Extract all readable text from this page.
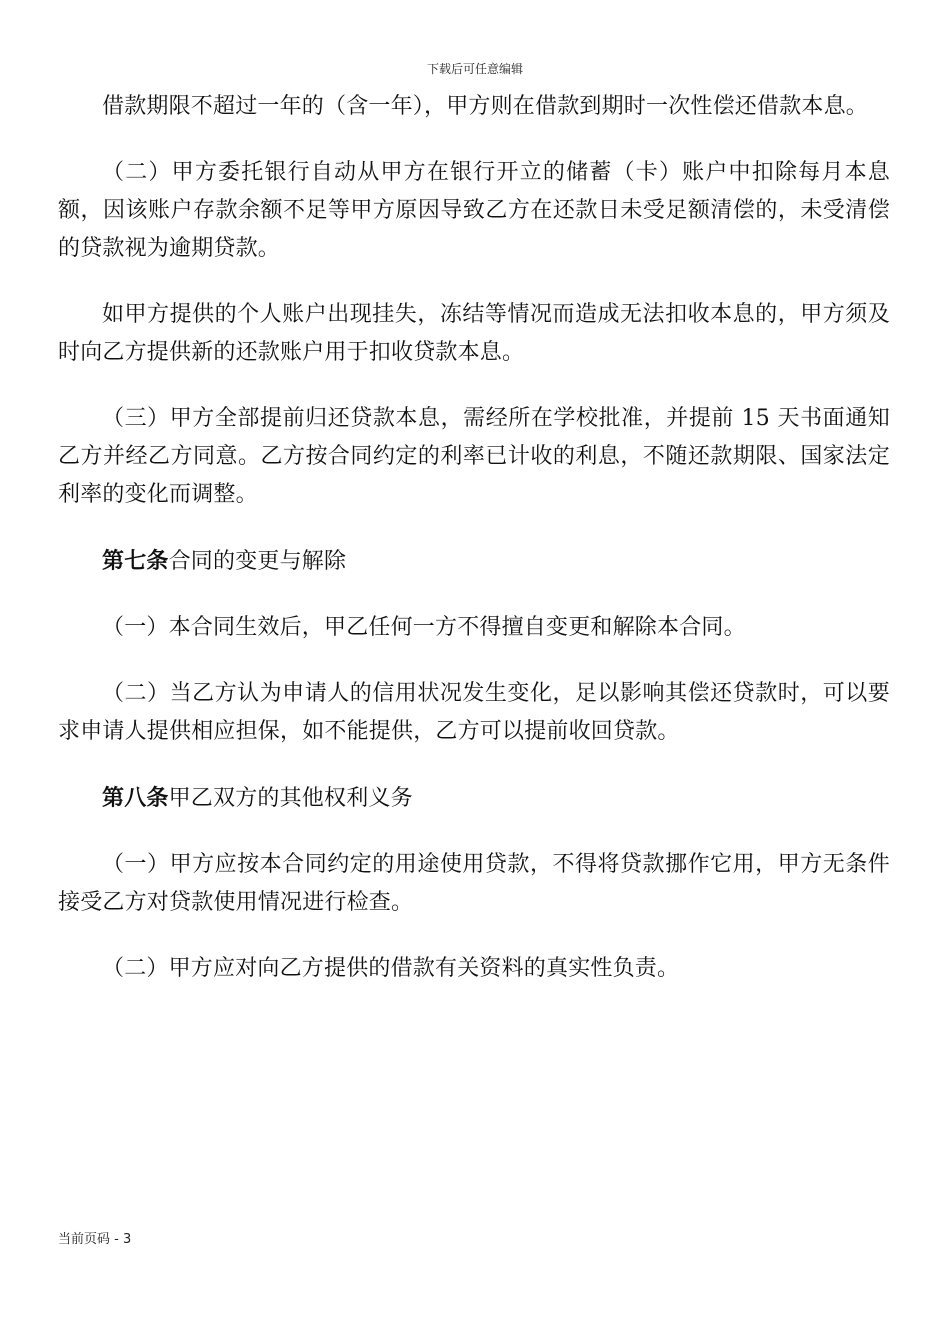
下载后可任意编辑

借款期限不超过一年的（含一年），甲方则在借款到期时一次性偿还借款本息。

（二）甲方委托银行自动从甲方在银行开立的储蓄（卡）账户中扣除每月本息额，因该账户存款余额不足等甲方原因导致乙方在还款日未受足额清偿的，未受清偿的贷款视为逾期贷款。

如甲方提供的个人账户出现挂失，冻结等情况而造成无法扣收本息的，甲方须及时向乙方提供新的还款账户用于扣收贷款本息。

（三）甲方全部提前归还贷款本息，需经所在学校批准，并提前 15 天书面通知乙方并经乙方同意。乙方按合同约定的利率已计收的利息，不随还款期限、国家法定利率的变化而调整。

第七条合同的变更与解除

（一）本合同生效后，甲乙任何一方不得擅自变更和解除本合同。

（二）当乙方认为申请人的信用状况发生变化，足以影响其偿还贷款时，可以要求申请人提供相应担保，如不能提供，乙方可以提前收回贷款。

第八条甲乙双方的其他权利义务

（一）甲方应按本合同约定的用途使用贷款，不得将贷款挪作它用，甲方无条件接受乙方对贷款使用情况进行检查。

（二）甲方应对向乙方提供的借款有关资料的真实性负责。

当前页码 - 3
